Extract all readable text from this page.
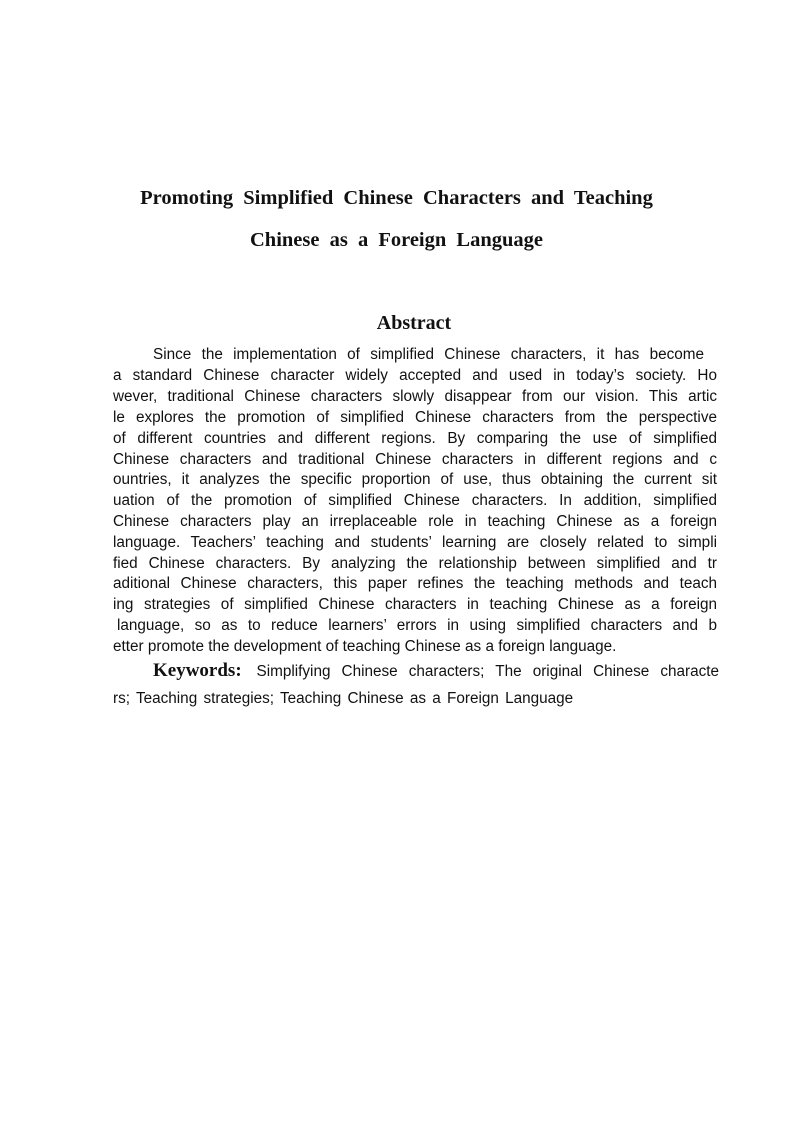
Promoting Simplified Chinese Characters and Teaching
Chinese as a Foreign Language
Abstract
Since the implementation of simplified Chinese characters, it has become
a standard Chinese character widely accepted and used in today’s society. Ho
wever, traditional Chinese characters slowly disappear from our vision. This artic
le explores the promotion of simplified Chinese characters from the perspective
of different countries and different regions. By comparing the use of simplified
Chinese characters and traditional Chinese characters in different regions and c
ountries, it analyzes the specific proportion of use, thus obtaining the current sit
uation of the promotion of simplified Chinese characters. In addition, simplified
Chinese characters play an irreplaceable role in teaching Chinese as a foreign
language. Teachers’ teaching and students’ learning are closely related to simpli
fied Chinese characters. By analyzing the relationship between simplified and tr
aditional Chinese characters, this paper refines the teaching methods and teach
ing strategies of simplified Chinese characters in teaching Chinese as a foreign
language, so as to reduce learners’ errors in using simplified characters and b
etter promote the development of teaching Chinese as a foreign language.
Keywords: Simplifying Chinese characters; The original Chinese characte
rs; Teaching strategies; Teaching Chinese as a Foreign Language
